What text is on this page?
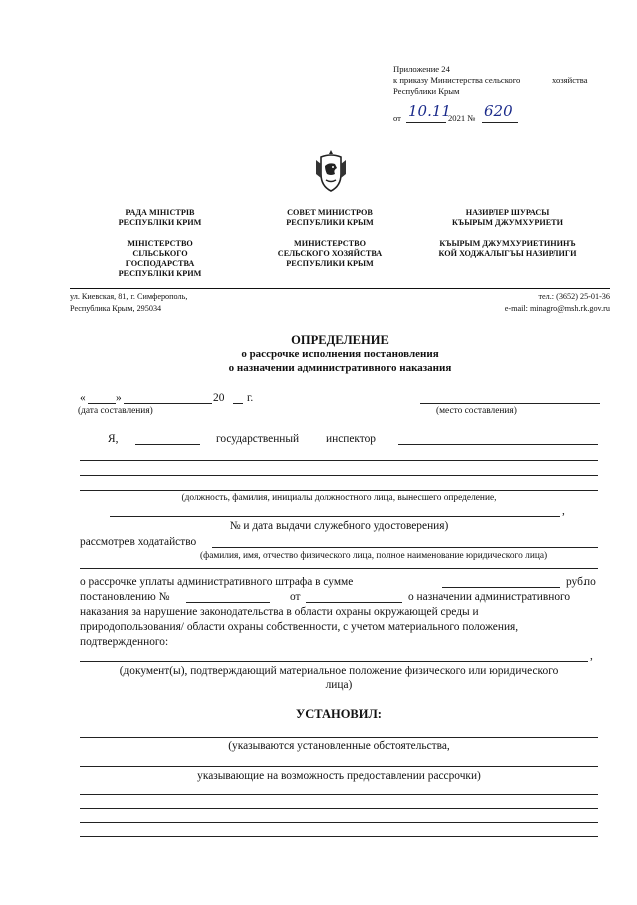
Приложение 24
к приказу Министерства сельского	хозяйства
Республики Крым
от 10.11
2021 № 620
РАДА МІНІСТРІВ
РЕСПУБЛІКИ КРИМ
МІНІСТЕРСТВО
СІЛЬСЬКОГО
ГОСПОДАРСТВА
РЕСПУБЛІКИ КРИМ
СОВЕТ МИНИСТРОВ
РЕСПУБЛИКИ КРЫМ
МИНИСТЕРСТВО
СЕЛЬСКОГО ХОЗЯЙСТВА
РЕСПУБЛИКИ КРЫМ
НАЗИРЛЕР ШУРАСЫ
КЪЫРЫМ ДЖУМХУРИЕТИ
КЪЫРЫМ ДЖУМХУРИЕТИНИНЪ
КОЙ ХОДЖАЛЫГЪЫ НАЗИРЛИГИ
ул. Киевская, 81, г. Симферополь,
Республика Крым, 295034
тел.: (3652) 25-01-36
e-mail: minagro@msh.rk.gov.ru
ОПРЕДЕЛЕНИЕ
о рассрочке исполнения постановления
о назначении административного наказания
«	»	20 г.
(дата составления)	(место составления)
Я,	государственный инспектор
(должность, фамилия, инициалы должностного лица, вынесшего определение,
,
№ и дата выдачи служебного удостоверения)
рассмотрев ходатайство
(фамилия, имя, отчество физического лица, полное наименование юридического лица)
о рассрочке уплаты административного штрафа в сумме	руб.
по
постановлению №	от	о назначении административного
наказания за нарушение законодательства в области охраны окружающей среды и
природопользования/ области охраны собственности, с учетом материального положения,
подтвержденного:
,
(документ(ы), подтверждающий материальное положение физического или юридического
лица)
УСТАНОВИЛ:
(указываются установленные обстоятельства,
указывающие на возможность предоставлении рассрочки)
